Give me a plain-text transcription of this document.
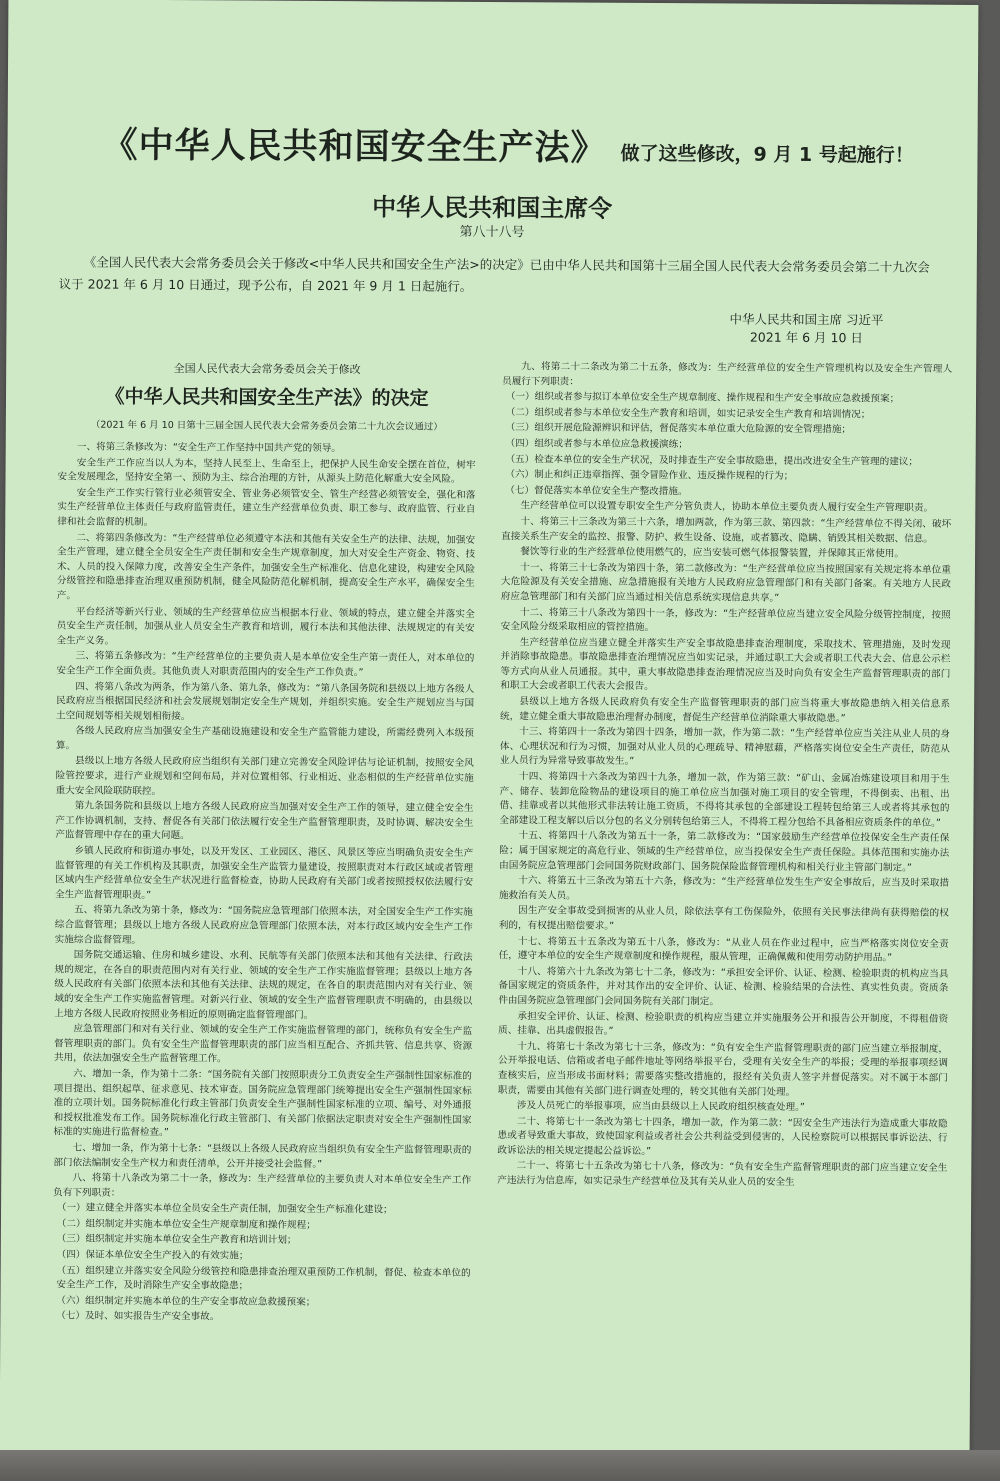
《中华人民共和国安全生产法》 做了这些修改，9 月 1 号起施行！
中华人民共和国主席令
第八十八号

《全国人民代表大会常务委员会关于修改<中华人民共和国安全生产法>的决定》已由中华人民共和国第十三届全国人民代表大会常务委员会第二十九次会议于 2021 年 6 月 10 日通过，现予公布，自 2021 年 9 月 1 日起施行。

中华人民共和国主席 习近平
2021 年 6 月 10 日
全国人民代表大会常务委员会关于修改
《中华人民共和国安全生产法》的决定
（2021 年 6 月 10 日第十三届全国人民代表大会常务委员会第二十九次会议通过）

一、将第三条修改为：“安全生产工作坚持中国共产党的领导。

安全生产工作应当以人为本，坚持人民至上、生命至上，把保护人民生命安全摆在首位，树牢安全发展理念，坚持安全第一、预防为主、综合治理的方针，从源头上防范化解重大安全风险。

安全生产工作实行管行业必须管安全、管业务必须管安全、管生产经营必须管安全，强化和落实生产经营单位主体责任与政府监管责任，建立生产经营单位负责、职工参与、政府监管、行业自律和社会监督的机制。

二、将第四条修改为：“生产经营单位必须遵守本法和其他有关安全生产的法律、法规，加强安全生产管理，建立健全全员安全生产责任制和安全生产规章制度，加大对安全生产资金、物资、技术、人员的投入保障力度，改善安全生产条件，加强安全生产标准化、信息化建设，构建安全风险分级管控和隐患排查治理双重预防机制，健全风险防范化解机制，提高安全生产水平，确保安全生产。

平台经济等新兴行业、领域的生产经营单位应当根据本行业、领域的特点，建立健全并落实全员安全生产责任制，加强从业人员安全生产教育和培训，履行本法和其他法律、法规规定的有关安全生产义务。

三、将第五条修改为：“生产经营单位的主要负责人是本单位安全生产第一责任人，对本单位的安全生产工作全面负责。其他负责人对职责范围内的安全生产工作负责。”

四、将第八条改为两条，作为第八条、第九条，修改为：“第八条国务院和县级以上地方各级人民政府应当根据国民经济和社会发展规划制定安全生产规划，并组织实施。安全生产规划应当与国土空间规划等相关规划相衔接。

各级人民政府应当加强安全生产基础设施建设和安全生产监管能力建设，所需经费列入本级预算。

县级以上地方各级人民政府应当组织有关部门建立完善安全风险评估与论证机制，按照安全风险管控要求，进行产业规划和空间布局，并对位置相邻、行业相近、业态相似的生产经营单位实施重大安全风险联防联控。

第九条国务院和县级以上地方各级人民政府应当加强对安全生产工作的领导，建立健全安全生产工作协调机制，支持、督促各有关部门依法履行安全生产监督管理职责，及时协调、解决安全生产监督管理中存在的重大问题。

乡镇人民政府和街道办事处，以及开发区、工业园区、港区、风景区等应当明确负责安全生产监督管理的有关工作机构及其职责，加强安全生产监管力量建设，按照职责对本行政区域或者管理区域内生产经营单位安全生产状况进行监督检查，协助人民政府有关部门或者按照授权依法履行安全生产监督管理职责。”

五、将第九条改为第十条，修改为：“国务院应急管理部门依照本法，对全国安全生产工作实施综合监督管理；县级以上地方各级人民政府应急管理部门依照本法，对本行政区域内安全生产工作实施综合监督管理。

国务院交通运输、住房和城乡建设、水利、民航等有关部门依照本法和其他有关法律、行政法规的规定，在各自的职责范围内对有关行业、领域的安全生产工作实施监督管理；县级以上地方各级人民政府有关部门依照本法和其他有关法律、法规的规定，在各自的职责范围内对有关行业、领域的安全生产工作实施监督管理。对新兴行业、领域的安全生产监督管理职责不明确的，由县级以上地方各级人民政府按照业务相近的原则确定监督管理部门。

应急管理部门和对有关行业、领域的安全生产工作实施监督管理的部门，统称负有安全生产监督管理职责的部门。负有安全生产监督管理职责的部门应当相互配合、齐抓共管、信息共享、资源共用，依法加强安全生产监督管理工作。

六、增加一条，作为第十二条：“国务院有关部门按照职责分工负责安全生产强制性国家标准的项目提出、组织起草、征求意见、技术审查。国务院应急管理部门统筹提出安全生产强制性国家标准的立项计划。国务院标准化行政主管部门负责安全生产强制性国家标准的立项、编号、对外通报和授权批准发布工作。国务院标准化行政主管部门、有关部门依据法定职责对安全生产强制性国家标准的实施进行监督检查。”

七、增加一条，作为第十七条：“县级以上各级人民政府应当组织负有安全生产监督管理职责的部门依法编制安全生产权力和责任清单，公开并接受社会监督。”

八、将第十八条改为第二十一条，修改为：生产经营单位的主要负责人对本单位安全生产工作负有下列职责：

（一）建立健全并落实本单位全员安全生产责任制，加强安全生产标准化建设；

（二）组织制定并实施本单位安全生产规章制度和操作规程；

（三）组织制定并实施本单位安全生产教育和培训计划；

（四）保证本单位安全生产投入的有效实施；

（五）组织建立并落实安全风险分级管控和隐患排查治理双重预防工作机制，督促、检查本单位的安全生产工作，及时消除生产安全事故隐患；

（六）组织制定并实施本单位的生产安全事故应急救援预案；

（七）及时、如实报告生产安全事故。

九、将第二十二条改为第二十五条，修改为：生产经营单位的安全生产管理机构以及安全生产管理人员履行下列职责：

（一）组织或者参与拟订本单位安全生产规章制度、操作规程和生产安全事故应急救援预案；

（二）组织或者参与本单位安全生产教育和培训，如实记录安全生产教育和培训情况；

（三）组织开展危险源辨识和评估，督促落实本单位重大危险源的安全管理措施；

（四）组织或者参与本单位应急救援演练；

（五）检查本单位的安全生产状况，及时排查生产安全事故隐患，提出改进安全生产管理的建议；

（六）制止和纠正违章指挥、强令冒险作业、违反操作规程的行为；

（七）督促落实本单位安全生产整改措施。

生产经营单位可以设置专职安全生产分管负责人，协助本单位主要负责人履行安全生产管理职责。

十、将第三十三条改为第三十六条，增加两款，作为第三款、第四款：“生产经营单位不得关闭、破坏直接关系生产安全的监控、报警、防护、救生设备、设施，或者篡改、隐瞒、销毁其相关数据、信息。

餐饮等行业的生产经营单位使用燃气的，应当安装可燃气体报警装置，并保障其正常使用。

十一、将第三十七条改为第四十条，第二款修改为：“生产经营单位应当按照国家有关规定将本单位重大危险源及有关安全措施、应急措施报有关地方人民政府应急管理部门和有关部门备案。有关地方人民政府应急管理部门和有关部门应当通过相关信息系统实现信息共享。”

十二、将第三十八条改为第四十一条，修改为：“生产经营单位应当建立安全风险分级管控制度，按照安全风险分级采取相应的管控措施。

生产经营单位应当建立健全并落实生产安全事故隐患排查治理制度，采取技术、管理措施，及时发现并消除事故隐患。事故隐患排查治理情况应当如实记录，并通过职工大会或者职工代表大会、信息公示栏等方式向从业人员通报。其中，重大事故隐患排查治理情况应当及时向负有安全生产监督管理职责的部门和职工大会或者职工代表大会报告。

县级以上地方各级人民政府负有安全生产监督管理职责的部门应当将重大事故隐患纳入相关信息系统，建立健全重大事故隐患治理督办制度，督促生产经营单位消除重大事故隐患。”

十三、将第四十一条改为第四十四条，增加一款，作为第二款：“生产经营单位应当关注从业人员的身体、心理状况和行为习惯，加强对从业人员的心理疏导、精神慰藉，严格落实岗位安全生产责任，防范从业人员行为异常导致事故发生。”

十四、将第四十六条改为第四十九条，增加一款，作为第三款：“矿山、金属冶炼建设项目和用于生产、储存、装卸危险物品的建设项目的施工单位应当加强对施工项目的安全管理，不得倒卖、出租、出借、挂靠或者以其他形式非法转让施工资质，不得将其承包的全部建设工程转包给第三人或者将其承包的全部建设工程支解以后以分包的名义分别转包给第三人，不得将工程分包给不具备相应资质条件的单位。”

十五、将第四十八条改为第五十一条，第二款修改为：“国家鼓励生产经营单位投保安全生产责任保险；属于国家规定的高危行业、领域的生产经营单位，应当投保安全生产责任保险。具体范围和实施办法由国务院应急管理部门会同国务院财政部门、国务院保险监督管理机构和相关行业主管部门制定。”

十六、将第五十三条改为第五十六条，修改为：“生产经营单位发生生产安全事故后，应当及时采取措施救治有关人员。

因生产安全事故受到损害的从业人员，除依法享有工伤保险外，依照有关民事法律尚有获得赔偿的权利的，有权提出赔偿要求。”

十七、将第五十五条改为第五十八条，修改为：“从业人员在作业过程中，应当严格落实岗位安全责任，遵守本单位的安全生产规章制度和操作规程，服从管理，正确佩戴和使用劳动防护用品。”

十八、将第六十九条改为第七十二条，修改为：“承担安全评价、认证、检测、检验职责的机构应当具备国家规定的资质条件，并对其作出的安全评价、认证、检测、检验结果的合法性、真实性负责。资质条件由国务院应急管理部门会同国务院有关部门制定。

承担安全评价、认证、检测、检验职责的机构应当建立并实施服务公开和报告公开制度，不得租借资质、挂靠、出具虚假报告。”

十九、将第七十条改为第七十三条，修改为：“负有安全生产监督管理职责的部门应当建立举报制度，公开举报电话、信箱或者电子邮件地址等网络举报平台，受理有关安全生产的举报；受理的举报事项经调查核实后，应当形成书面材料；需要落实整改措施的，报经有关负责人签字并督促落实。对不属于本部门职责，需要由其他有关部门进行调查处理的，转交其他有关部门处理。

涉及人员死亡的举报事项，应当由县级以上人民政府组织核查处理。”

二十、将第七十一条改为第七十四条，增加一款，作为第二款：“因安全生产违法行为造成重大事故隐患或者导致重大事故，致使国家利益或者社会公共利益受到侵害的，人民检察院可以根据民事诉讼法、行政诉讼法的相关规定提起公益诉讼。”

二十一、将第七十五条改为第七十八条，修改为：“负有安全生产监督管理职责的部门应当建立安全生产违法行为信息库，如实记录生产经营单位及其有关从业人员的安全生
